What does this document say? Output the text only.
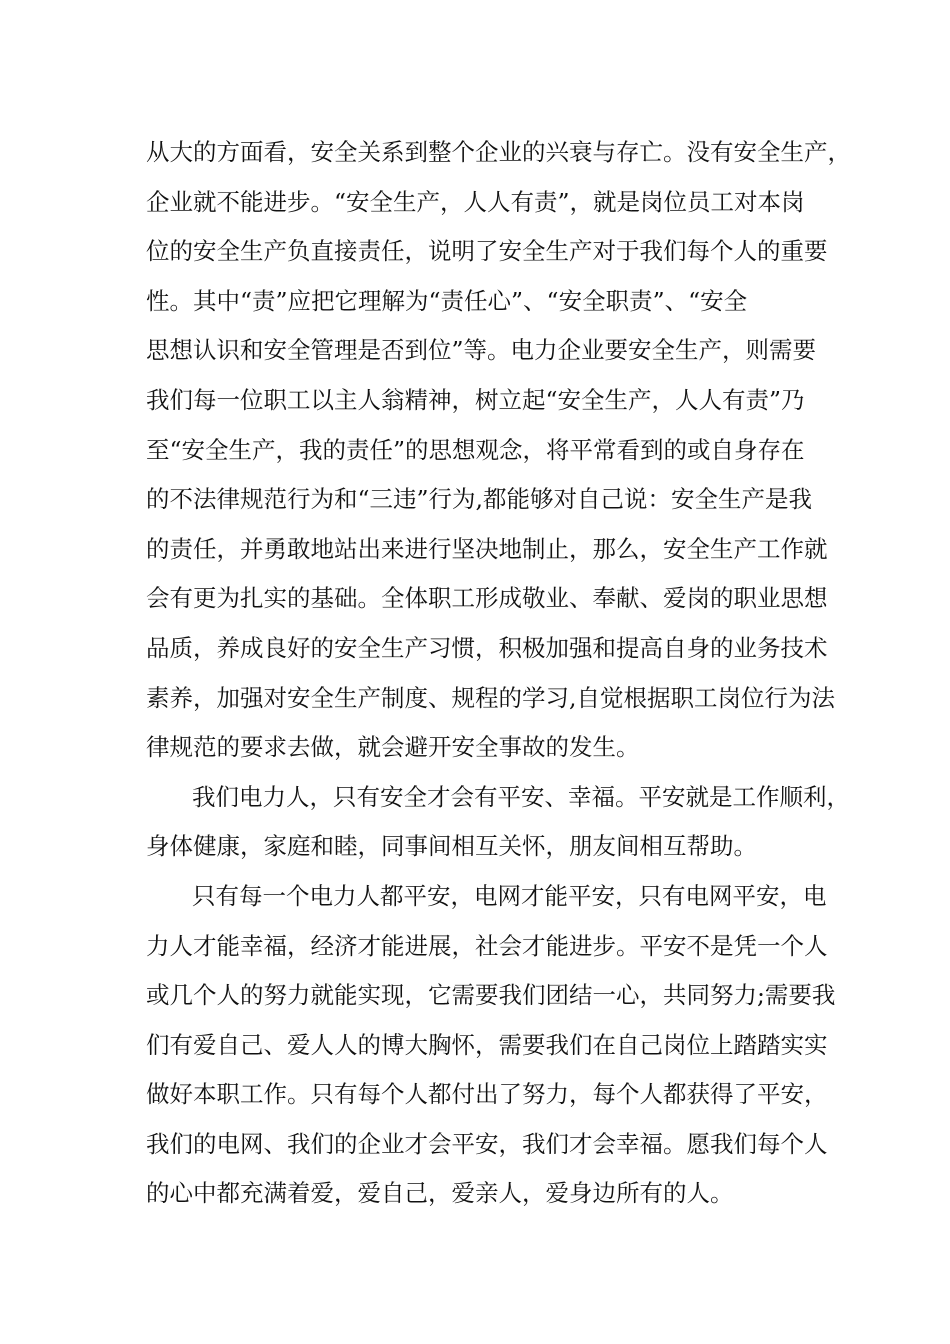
从大的方面看，安全关系到整个企业的兴衰与存亡。没有安全生产，
企业就不能进步。“安全生产，人人有责”，就是岗位员工对本岗
位的安全生产负直接责任，说明了安全生产对于我们每个人的重要
性。其中“责”应把它理解为“责任心”、“安全职责”、“安全
思想认识和安全管理是否到位”等。电力企业要安全生产，则需要
我们每一位职工以主人翁精神，树立起“安全生产，人人有责”乃
至“安全生产，我的责任”的思想观念，将平常看到的或自身存在
的不法律规范行为和“三违”行为,都能够对自己说：安全生产是我
的责任，并勇敢地站出来进行坚决地制止，那么，安全生产工作就
会有更为扎实的基础。全体职工形成敬业、奉献、爱岗的职业思想
品质，养成良好的安全生产习惯，积极加强和提高自身的业务技术
素养，加强对安全生产制度、规程的学习,自觉根据职工岗位行为法
律规范的要求去做，就会避开安全事故的发生。
我们电力人，只有安全才会有平安、幸福。平安就是工作顺利，
身体健康，家庭和睦，同事间相互关怀，朋友间相互帮助。
只有每一个电力人都平安，电网才能平安，只有电网平安，电
力人才能幸福，经济才能进展，社会才能进步。平安不是凭一个人
或几个人的努力就能实现，它需要我们团结一心，共同努力;需要我
们有爱自己、爱人人的博大胸怀，需要我们在自己岗位上踏踏实实
做好本职工作。只有每个人都付出了努力，每个人都获得了平安，
我们的电网、我们的企业才会平安，我们才会幸福。愿我们每个人
的心中都充满着爱，爱自己，爱亲人，爱身边所有的人。
